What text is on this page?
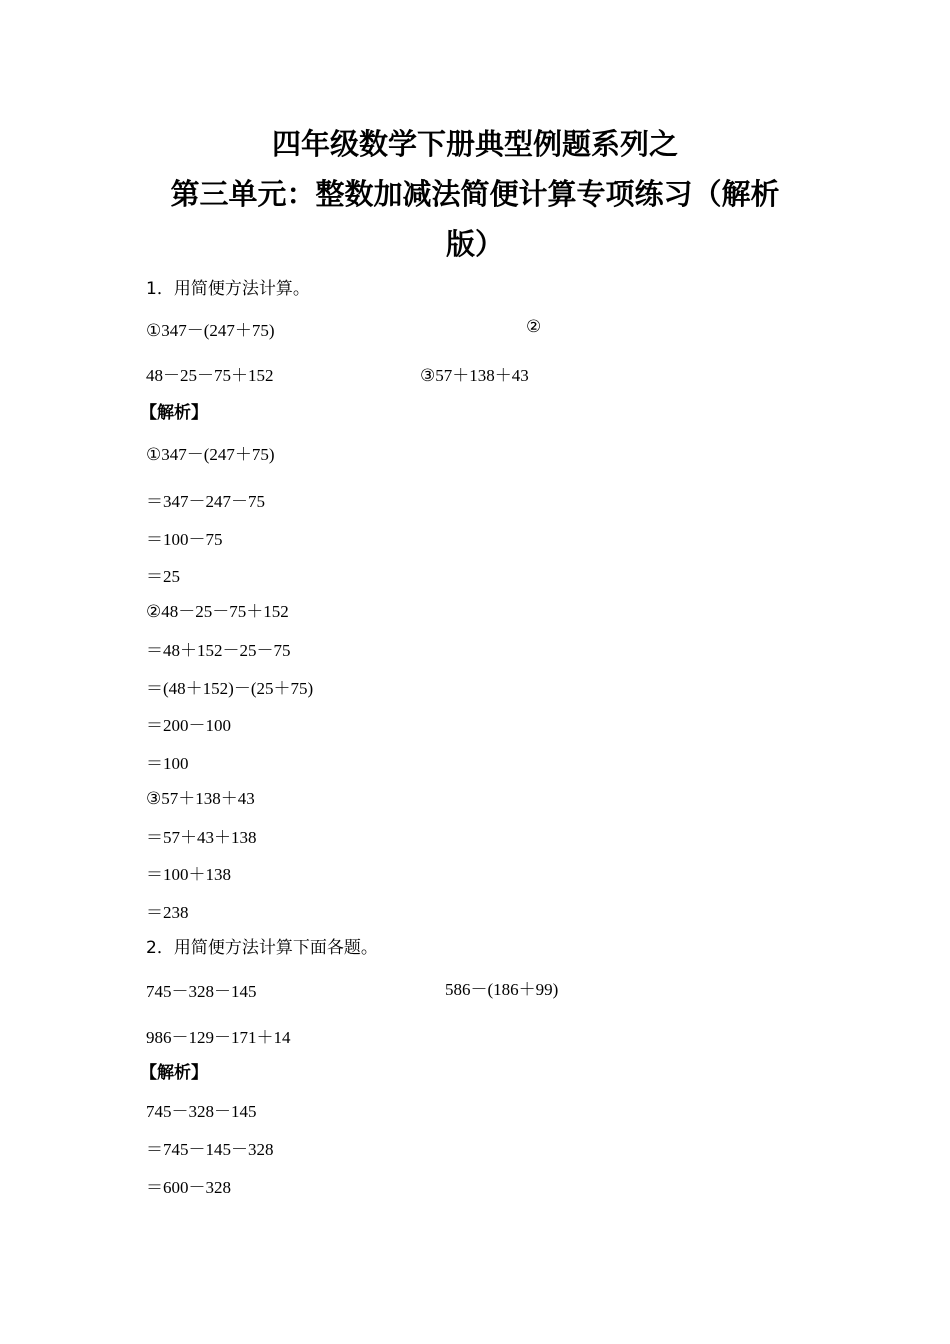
四年级数学下册典型例题系列之
第三单元：整数加减法简便计算专项练习（解析
版）
1．用简便方法计算。
①347－(247＋75)	②
48－25－75＋152	③57＋138＋43
【解析】
①347－(247＋75)
＝347－247－75
＝100－75
＝25
②48－25－75＋152
＝48＋152－25－75
＝(48＋152)－(25＋75)
＝200－100
＝100
③57＋138＋43
＝57＋43＋138
＝100＋138
＝238
2．用简便方法计算下面各题。
745－328－145	586－(186＋99)
986－129－171＋14
【解析】
745－328－145
＝745－145－328
＝600－328
